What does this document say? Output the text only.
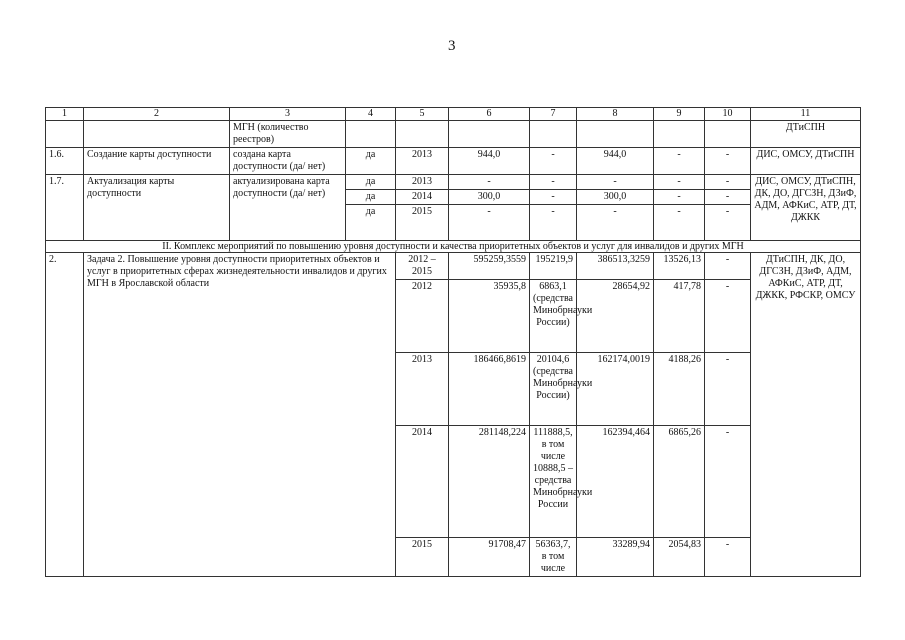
3
1	2	3	4	5	6	7	8	9	10	11
		МГН (количество реестров)								ДТиСПН
1.6.	Создание карты доступности	создана карта доступности (да/ нет)	да	2013	944,0	-	944,0	-	-	ДИС, ОМСУ, ДТиСПН
1.7.	Актуализация карты доступности	актуализирована карта доступности (да/ нет)	да	2013	-	-	-	-	-	ДИС, ОМСУ, ДТиСПН, ДК, ДО, ДГСЗН, ДЗиФ, АДМ, АФКиС, АТР, ДТ, ДЖКК
			да	2014	300,0	-	300,0	-	-	
			да	2015	-	-	-	-	-	
II. Комплекс мероприятий по повышению уровня доступности и качества приоритетных объектов и услуг для инвалидов и других МГН										
2.	Задача 2. Повышение уровня доступности приоритетных объектов и услуг в приоритетных сферах жизнедеятельности инвалидов и других МГН в Ярославской области			2012 – 2015	595259,3559	195219,9	386513,3259	13526,13	-	ДТиСПН, ДК, ДО, ДГСЗН, ДЗиФ, АДМ, АФКиС, АТР, ДТ, ДЖКК, РФСКР, ОМСУ
				2012	35935,8	6863,1 (средства Минобрнауки России)	28654,92	417,78	-	
				2013	186466,8619	20104,6 (средства Минобрнауки России)	162174,0019	4188,26	-	
				2014	281148,224	111888,5, в том числе 10888,5 – средства Минобрнауки России	162394,464	6865,26	-	
				2015	91708,47	56363,7, в том числе	33289,94	2054,83	-	
